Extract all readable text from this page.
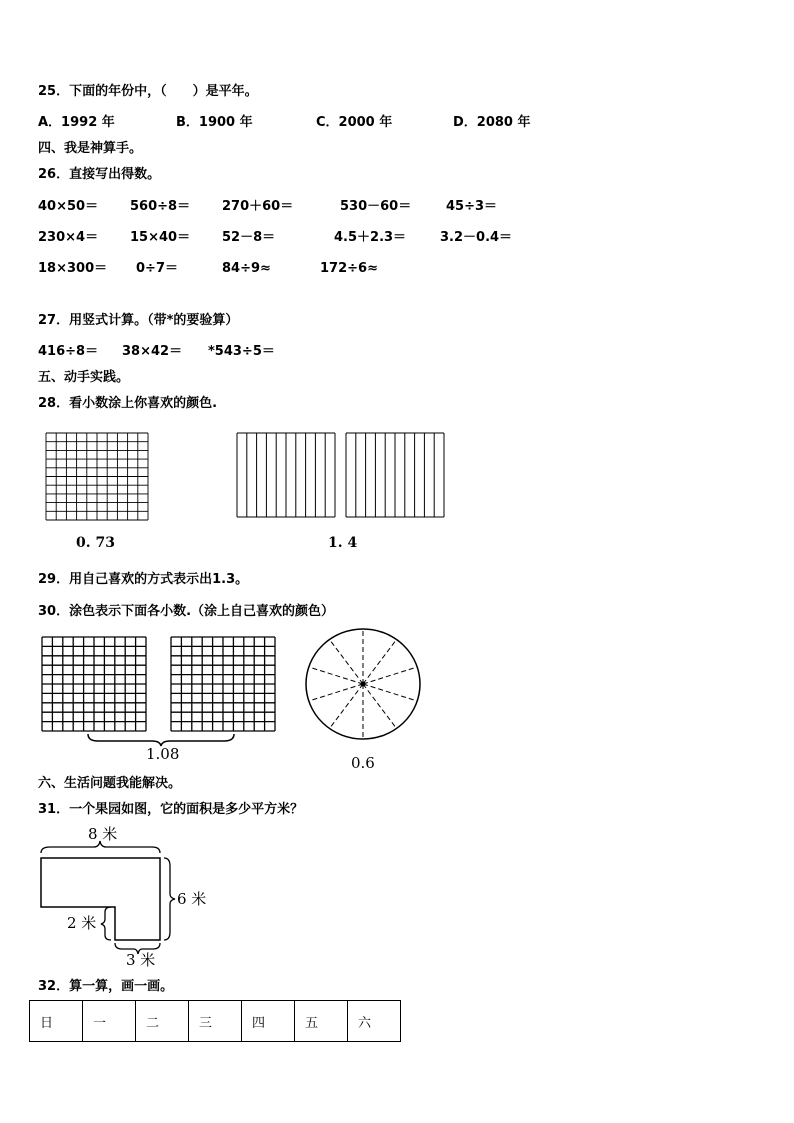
25．下面的年份中，（　　）是平年。
A．1992 年	B．1900 年	C．2000 年	D．2080 年
四、我是神算手。
26．直接写出得数。
40×50＝ 560÷8＝ 270＋60＝	530－60＝	45÷3＝
230×4＝ 15×40＝ 52－8＝	4.5＋2.3＝	3.2－0.4＝
18×300＝ 0÷7＝	84÷9≈	172÷6≈
27．用竖式计算。（带*的要验算）
416÷8＝ 38×42＝ *543÷5＝
五、动手实践。
28．看小数涂上你喜欢的颜色.
0. 73	1. 4
29．用自己喜欢的方式表示出1.3。
30．涂色表示下面各小数.（涂上自己喜欢的颜色）
1.08	0.6
六、生活问题我能解决。
31．一个果园如图，它的面积是多少平方米？
8 米
6 米
2 米
3 米
32．算一算，画一画。
日	一	二	三	四	五	六
